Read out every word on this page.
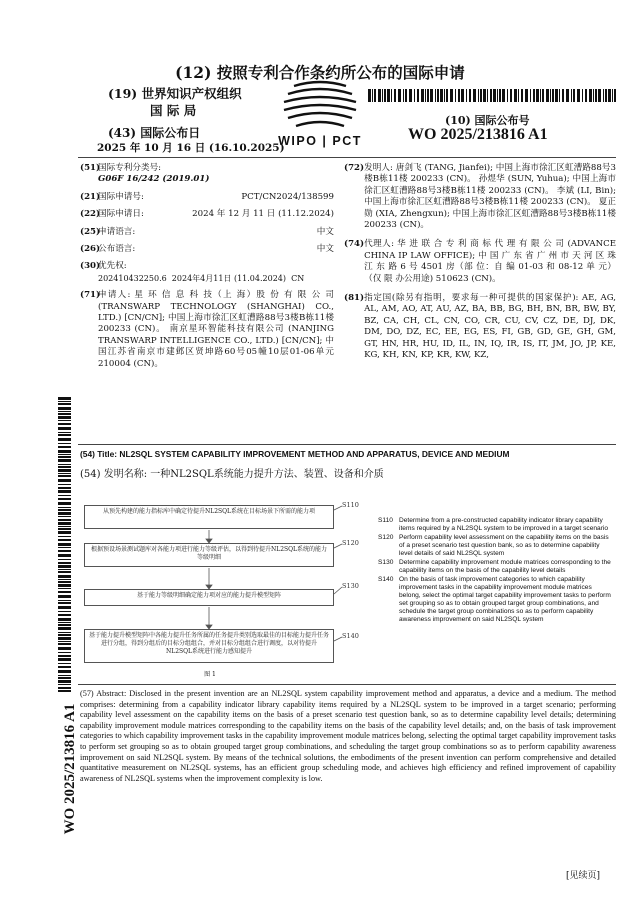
(12) 按照专利合作条约所公布的国际申请
(19) 世界知识产权组织
国 际 局
(43) 国际公布日
2025 年 10 月 16 日 (16.10.2025)
WIPO | PCT
(10) 国际公布号
WO 2025/213816 A1
(51)
国际专利分类号:
G06F 16/242 (2019.01)
(21)
国际申请号:	PCT/CN2024/138599
(22)
国际申请日:	2024 年 12 月 11 日 (11.12.2024)
(25)
申请语言:	中文
(26)
公布语言:	中文
(30)
优先权:
202410432250.6  2024年4月11日 (11.04.2024)  CN
(71)
申请人: 星 环 信 息 科 技（上 海）股 份 有 限 公 司 (TRANSWARP TECHNOLOGY (SHANGHAI) CO., LTD.) [CN/CN]; 中国上海市徐汇区虹漕路88号3楼B栋11楼 200233 (CN)。 南京星环智能科技有限公司 (NANJING TRANSWARP INTELLIGENCE CO., LTD.) [CN/CN]; 中国江苏省南京市建邺区贤坤路60号05幢10层01-06单元 210004 (CN)。
(72) 发明人: 唐剑飞 (TANG, Jianfei); 中国上海市徐汇区虹漕路88号3楼B栋11楼 200233 (CN)。 孙煜华 (SUN, Yuhua); 中国上海市徐汇区虹漕路88号3楼B栋11楼 200233 (CN)。 李斌 (LI, Bin); 中国上海市徐汇区虹漕路88号3楼B栋11楼 200233 (CN)。 夏正勋 (XIA, Zhengxun); 中国上海市徐汇区虹漕路88号3楼B栋11楼 200233 (CN)。
(74) 代理人: 华 进 联 合 专 利 商 标 代 理 有 限 公 司 (ADVANCE CHINA IP LAW OFFICE); 中 国 广 东 省 广 州 市 天 河 区 珠 江 东 路 6 号 4501 房（部 位：自 编 01-03 和 08-12 单 元）（仅 限 办公用途) 510623 (CN)。
(81) 指定国(除另有指明，要求每一种可提供的国家保护): AE, AG, AL, AM, AO, AT, AU, AZ, BA, BB, BG, BH, BN, BR, BW, BY, BZ, CA, CH, CL, CN, CO, CR, CU, CV, CZ, DE, DJ, DK, DM, DO, DZ, EC, EE, EG, ES, FI, GB, GD, GE, GH, GM, GT, HN, HR, HU, ID, IL, IN, IQ, IR, IS, IT, JM, JO, JP, KE, KG, KH, KN, KP, KR, KW, KZ,
(54) Title: NL2SQL SYSTEM CAPABILITY IMPROVEMENT METHOD AND APPARATUS, DEVICE AND MEDIUM
(54) 发明名称: 一种NL2SQL系统能力提升方法、装置、设备和介质
从预先构建的能力指标库中确定待提升NL2SQL系统在目标场景下所需的能力项
S110
根据预设场景测试题库对各能力项进行能力等级评估，以得到待提升NL2SQL系统的能力等级明细
S120
基于能力等级明细确定能力项对应的能力提升模型矩阵
S130
基于能力提升模型矩阵中各能力提升任务所属的任务提升类别选取最佳的目标能力提升任务进行分组，得到分组后的目标分组组合，并对目标分组组合进行调度，以对待提升NL2SQL系统进行能力感知提升
S140
图 1
S110 Determine from a pre-constructed capability indicator library capability items required by a NL2SQL system to be improved in a target scenario
S120 Perform capability level assessment on the capability items on the basis of a preset scenario test question bank, so as to determine capability level details of said NL2SQL system
S130 Determine capability improvement module matrices corresponding to the capability items on the basis of the capability level details
S140 On the basis of task improvement categories to which capability improvement tasks in the capability improvement module matrices belong, select the optimal target capability improvement tasks to perform set grouping so as to obtain grouped target group combinations, and schedule the target group combinations so as to perform capability awareness improvement on said NL2SQL system
(57) Abstract: Disclosed in the present invention are an NL2SQL system capability improvement method and apparatus, a device and a medium. The method comprises: determining from a capability indicator library capability items required by a NL2SQL system to be improved in a target scenario; performing capability level assessment on the capability items on the basis of a preset scenario test question bank, so as to determine capability level details; determining capability improvement module matrices corresponding to the capability items on the basis of the capability level details; and, on the basis of task improvement categories to which capability improvement tasks in the capability improvement module matrices belong, selecting the optimal target capability improvement tasks to perform set grouping so as to obtain grouped target group combinations, and scheduling the target group combinations so as to perform capability awareness improvement on said NL2SQL system. By means of the technical solutions, the embodiments of the present invention can perform comprehensive and detailed quantitative measurement on NL2SQL systems, has an efficient group scheduling mode, and achieves high efficiency and refined improvement of capability awareness of NL2SQL systems when the improvement complexity is low.
WO 2025/213816 A1
[见续页]
